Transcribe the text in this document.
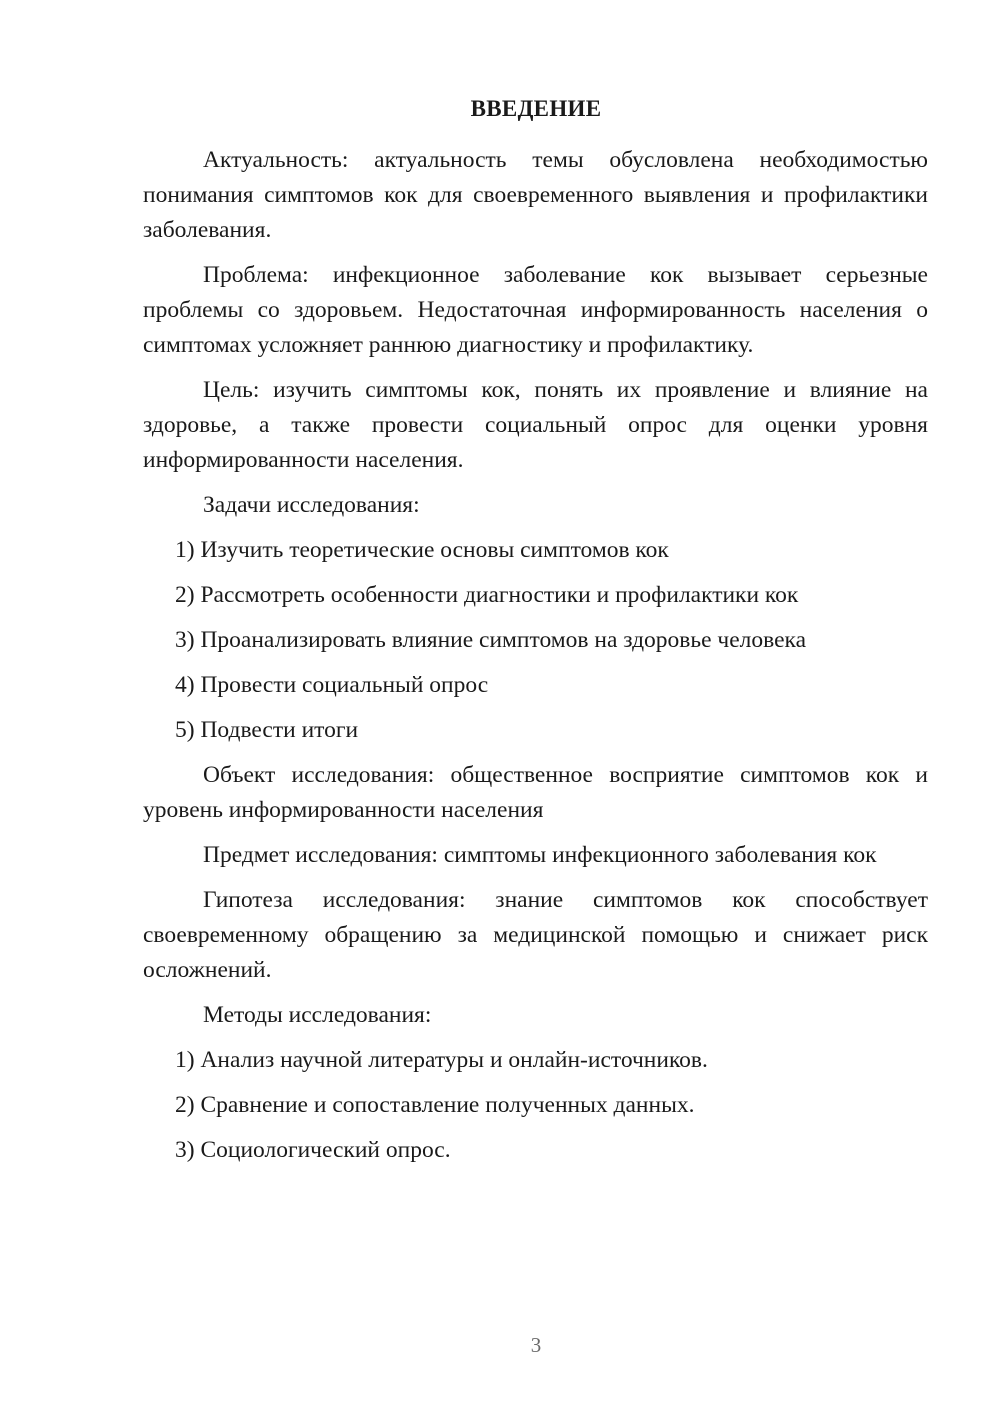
ВВЕДЕНИЕ

Актуальность: актуальность темы обусловлена необходимостью понимания симптомов кок для своевременного выявления и профилактики заболевания.

Проблема: инфекционное заболевание кок вызывает серьезные проблемы со здоровьем. Недостаточная информированность населения о симптомах усложняет раннюю диагностику и профилактику.

Цель: изучить симптомы кок, понять их проявление и влияние на здоровье, а также провести социальный опрос для оценки уровня информированности населения.

Задачи исследования:

1) Изучить теоретические основы симптомов кок

2) Рассмотреть особенности диагностики и профилактики кок

3) Проанализировать влияние симптомов на здоровье человека

4) Провести социальный опрос

5) Подвести итоги

Объект исследования: общественное восприятие симптомов кок и уровень информированности населения

Предмет исследования: симптомы инфекционного заболевания кок

Гипотеза исследования: знание симптомов кок способствует своевременному обращению за медицинской помощью и снижает риск осложнений.

Методы исследования:

1) Анализ научной литературы и онлайн-источников.

2) Сравнение и сопоставление полученных данных.

3) Социологический опрос.

3
